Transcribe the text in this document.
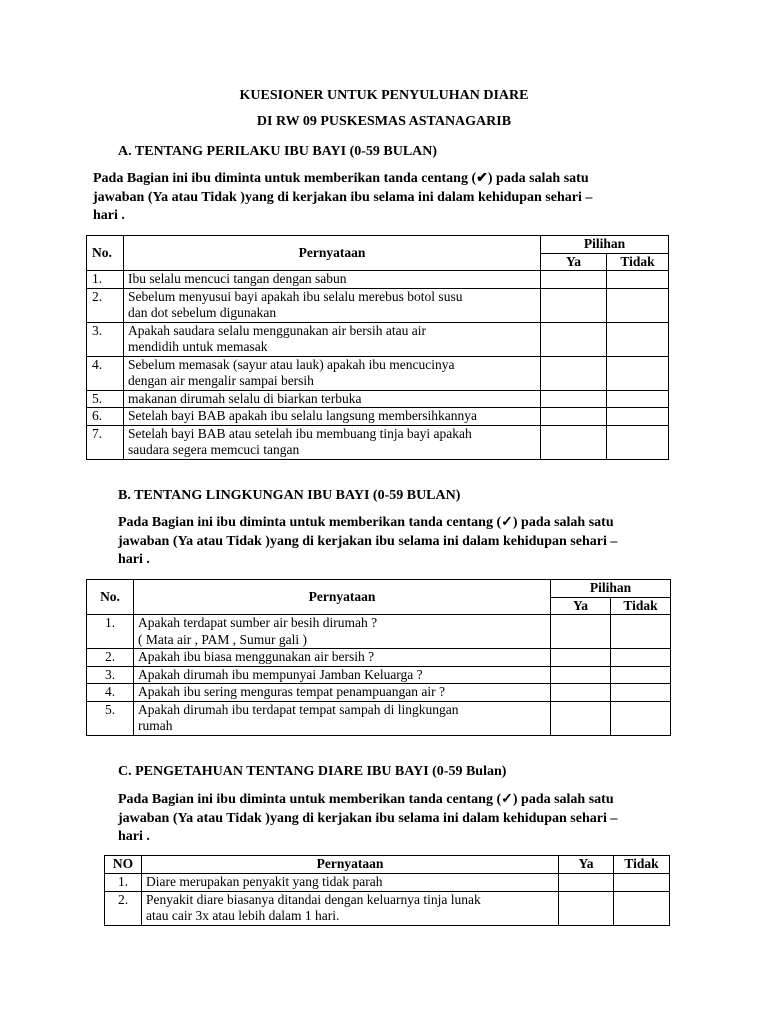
KUESIONER UNTUK PENYULUHAN DIARE
DI RW 09 PUSKESMAS ASTANAGARIB
A. TENTANG PERILAKU IBU BAYI (0-59 BULAN)
Pada Bagian ini ibu diminta untuk memberikan tanda centang (✔) pada salah satu
jawaban (Ya atau Tidak )yang di kerjakan ibu selama ini dalam kehidupan sehari –
hari .
No.	Pernyataan	Pilihan	
		Ya	Tidak
1.	Ibu selalu mencuci tangan dengan sabun		

2.	Sebelum menyusui bayi apakah ibu selalu merebus botol susu
dan dot sebelum digunakan		

3.	Apakah saudara selalu menggunakan air bersih atau air
mendidih untuk memasak		

4.	Sebelum memasak (sayur atau lauk) apakah ibu mencucinya
dengan air mengalir sampai bersih		

5.	makanan dirumah selalu di biarkan terbuka		

6.	Setelah bayi BAB apakah ibu selalu langsung membersihkannya		

7.	Setelah bayi BAB atau setelah ibu membuang tinja bayi apakah
saudara segera memcuci tangan		

B. TENTANG LINGKUNGAN IBU BAYI (0-59 BULAN)
Pada Bagian ini ibu diminta untuk memberikan tanda centang (✓) pada salah satu
jawaban (Ya atau Tidak )yang di kerjakan ibu selama ini dalam kehidupan sehari –
hari .
No.	Pernyataan	Pilihan	
		Ya	Tidak
1.	Apakah terdapat sumber air besih dirumah ?
( Mata air , PAM , Sumur gali )		

2.	Apakah ibu biasa menggunakan air bersih ?		

3.	Apakah dirumah ibu mempunyai Jamban Keluarga ?		

4.	Apakah ibu sering menguras tempat penampuangan air ?		

5.	Apakah dirumah ibu terdapat tempat sampah di lingkungan
rumah		

C. PENGETAHUAN TENTANG DIARE IBU BAYI (0-59 Bulan)
Pada Bagian ini ibu diminta untuk memberikan tanda centang (✓) pada salah satu
jawaban (Ya atau Tidak )yang di kerjakan ibu selama ini dalam kehidupan sehari –
hari .
NO	Pernyataan	Ya	Tidak
1.	Diare merupakan penyakit yang tidak parah		

2.	Penyakit diare biasanya ditandai dengan keluarnya tinja lunak
atau cair 3x atau lebih dalam 1 hari.		
